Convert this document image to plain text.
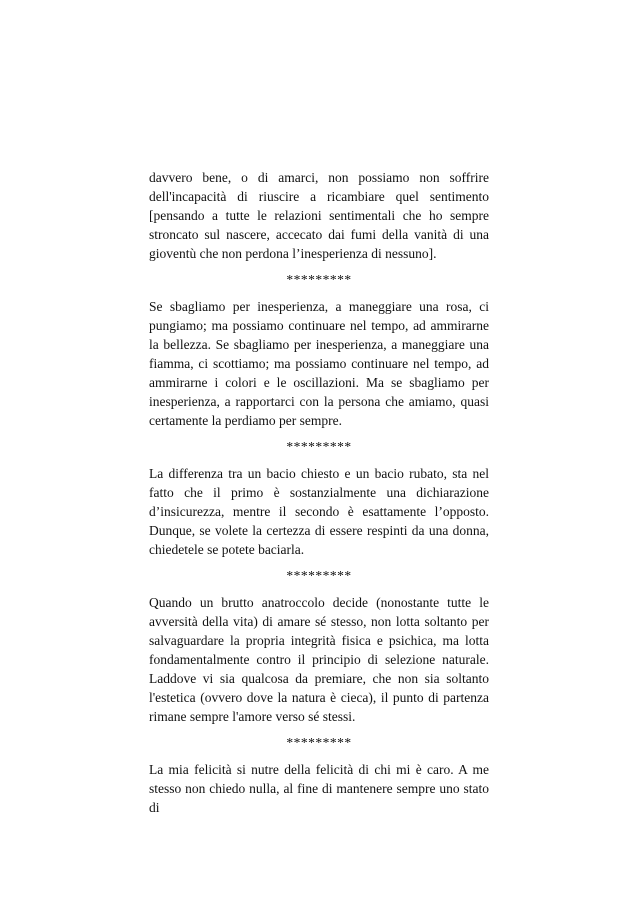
davvero bene, o di amarci, non possiamo non soffrire dell'incapacità di riuscire a ricambiare quel sentimento [pensando a tutte le relazioni sentimentali che ho sempre stroncato sul nascere, accecato dai fumi della vanità di una gioventù che non perdona l’inesperienza di nessuno].

*********

Se sbagliamo per inesperienza, a maneggiare una rosa, ci pungiamo; ma possiamo continuare nel tempo, ad ammirarne la bellezza. Se sbagliamo per inesperienza, a maneggiare una fiamma, ci scottiamo; ma possiamo continuare nel tempo, ad ammirarne i colori e le oscillazioni. Ma se sbagliamo per inesperienza, a rapportarci con la persona che amiamo, quasi certamente la perdiamo per sempre.

*********

La differenza tra un bacio chiesto e un bacio rubato, sta nel fatto che il primo è sostanzialmente una dichiarazione d’insicurezza, mentre il secondo è esattamente l’opposto. Dunque, se volete la certezza di essere respinti da una donna, chiedetele se potete baciarla.

*********

Quando un brutto anatroccolo decide (nonostante tutte le avversità della vita) di amare sé stesso, non lotta soltanto per salvaguardare la propria integrità fisica e psichica, ma lotta fondamentalmente contro il principio di selezione naturale. Laddove vi sia qualcosa da premiare, che non sia soltanto l'estetica (ovvero dove la natura è cieca), il punto di partenza rimane sempre l'amore verso sé stessi.

*********

La mia felicità si nutre della felicità di chi mi è caro. A me stesso non chiedo nulla, al fine di mantenere sempre uno stato di
